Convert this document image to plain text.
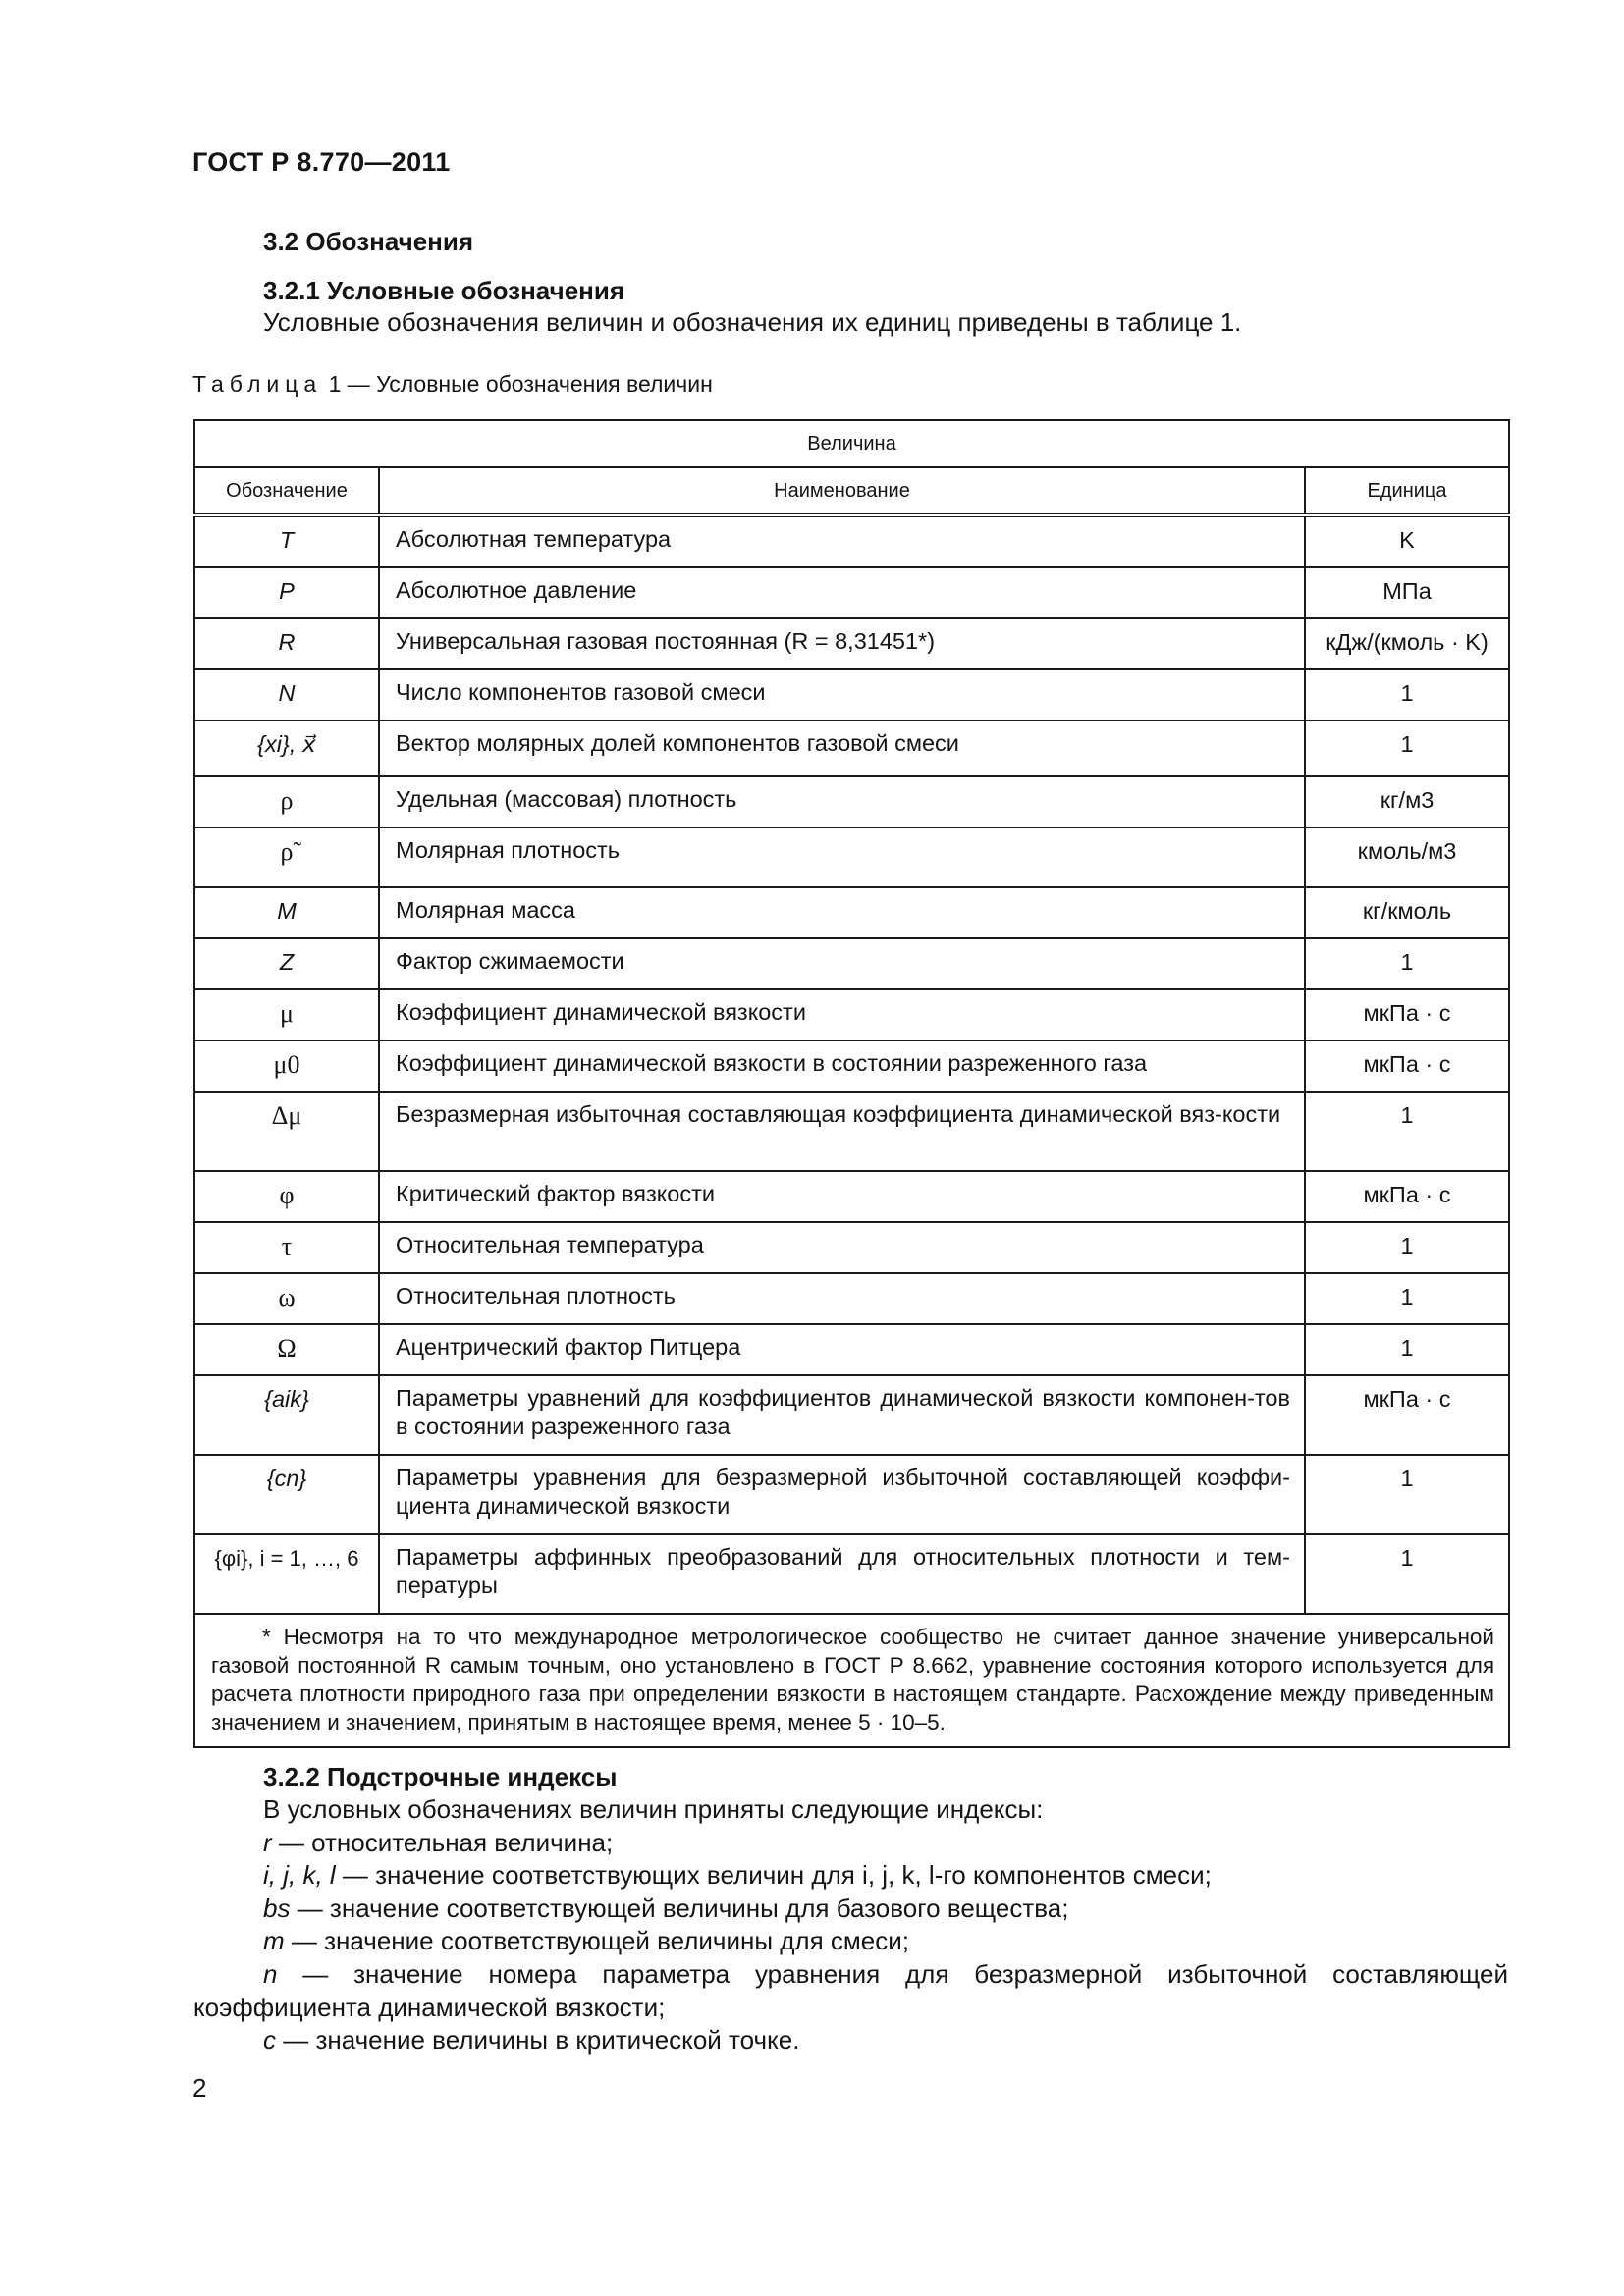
ГОСТ Р 8.770—2011
3.2 Обозначения
3.2.1 Условные обозначения
Условные обозначения величин и обозначения их единиц приведены в таблице 1.
Таблица 1 — Условные обозначения величин
Величина		
Обозначение	Наименование	Единица
T	Абсолютная температура	K
P	Абсолютное давление	МПа
R	Универсальная газовая постоянная (R = 8,31451*)	кДж/(кмоль · K)
N	Число компонентов газовой смеси	1
{xi}, x⃗	Вектор молярных долей компонентов газовой смеси	1
ρ	Удельная (массовая) плотность	кг/м3
ρ̃	Молярная плотность	кмоль/м3
M	Молярная масса	кг/кмоль
Z	Фактор сжимаемости	1
μ	Коэффициент динамической вязкости	мкПа · с
μ0	Коэффициент динамической вязкости в состоянии разреженного газа	мкПа · с
Δμ	Безразмерная избыточная составляющая коэффициента динамической вяз-кости	1
φ	Критический фактор вязкости	мкПа · с
τ	Относительная температура	1
ω	Относительная плотность	1
Ω	Ацентрический фактор Питцера	1
{aik}	Параметры уравнений для коэффициентов динамической вязкости компонен-тов в состоянии разреженного газа	мкПа · с
{cn}	Параметры уравнения для безразмерной избыточной составляющей коэффи-циента динамической вязкости	1
{φi}, i = 1, …, 6	Параметры аффинных преобразований для относительных плотности и тем-пературы	1
* Несмотря на то что международное метрологическое сообщество не считает данное значение универсальной газовой постоянной R самым точным, оно установлено в ГОСТ Р 8.662, уравнение состояния которого используется для расчета плотности природного газа при определении вязкости в настоящем стандарте. Расхождение между приведенным значением и значением, принятым в настоящее время, менее 5 · 10–5.		
3.2.2 Подстрочные индексы
В условных обозначениях величин приняты следующие индексы:
r — относительная величина;
i, j, k, l — значение соответствующих величин для i, j, k, l-го компонентов смеси;
bs — значение соответствующей величины для базового вещества;
m — значение соответствующей величины для смеси;
n — значение номера параметра уравнения для безразмерной избыточной составляющей коэффициента динамической вязкости;
c — значение величины в критической точке.
2
